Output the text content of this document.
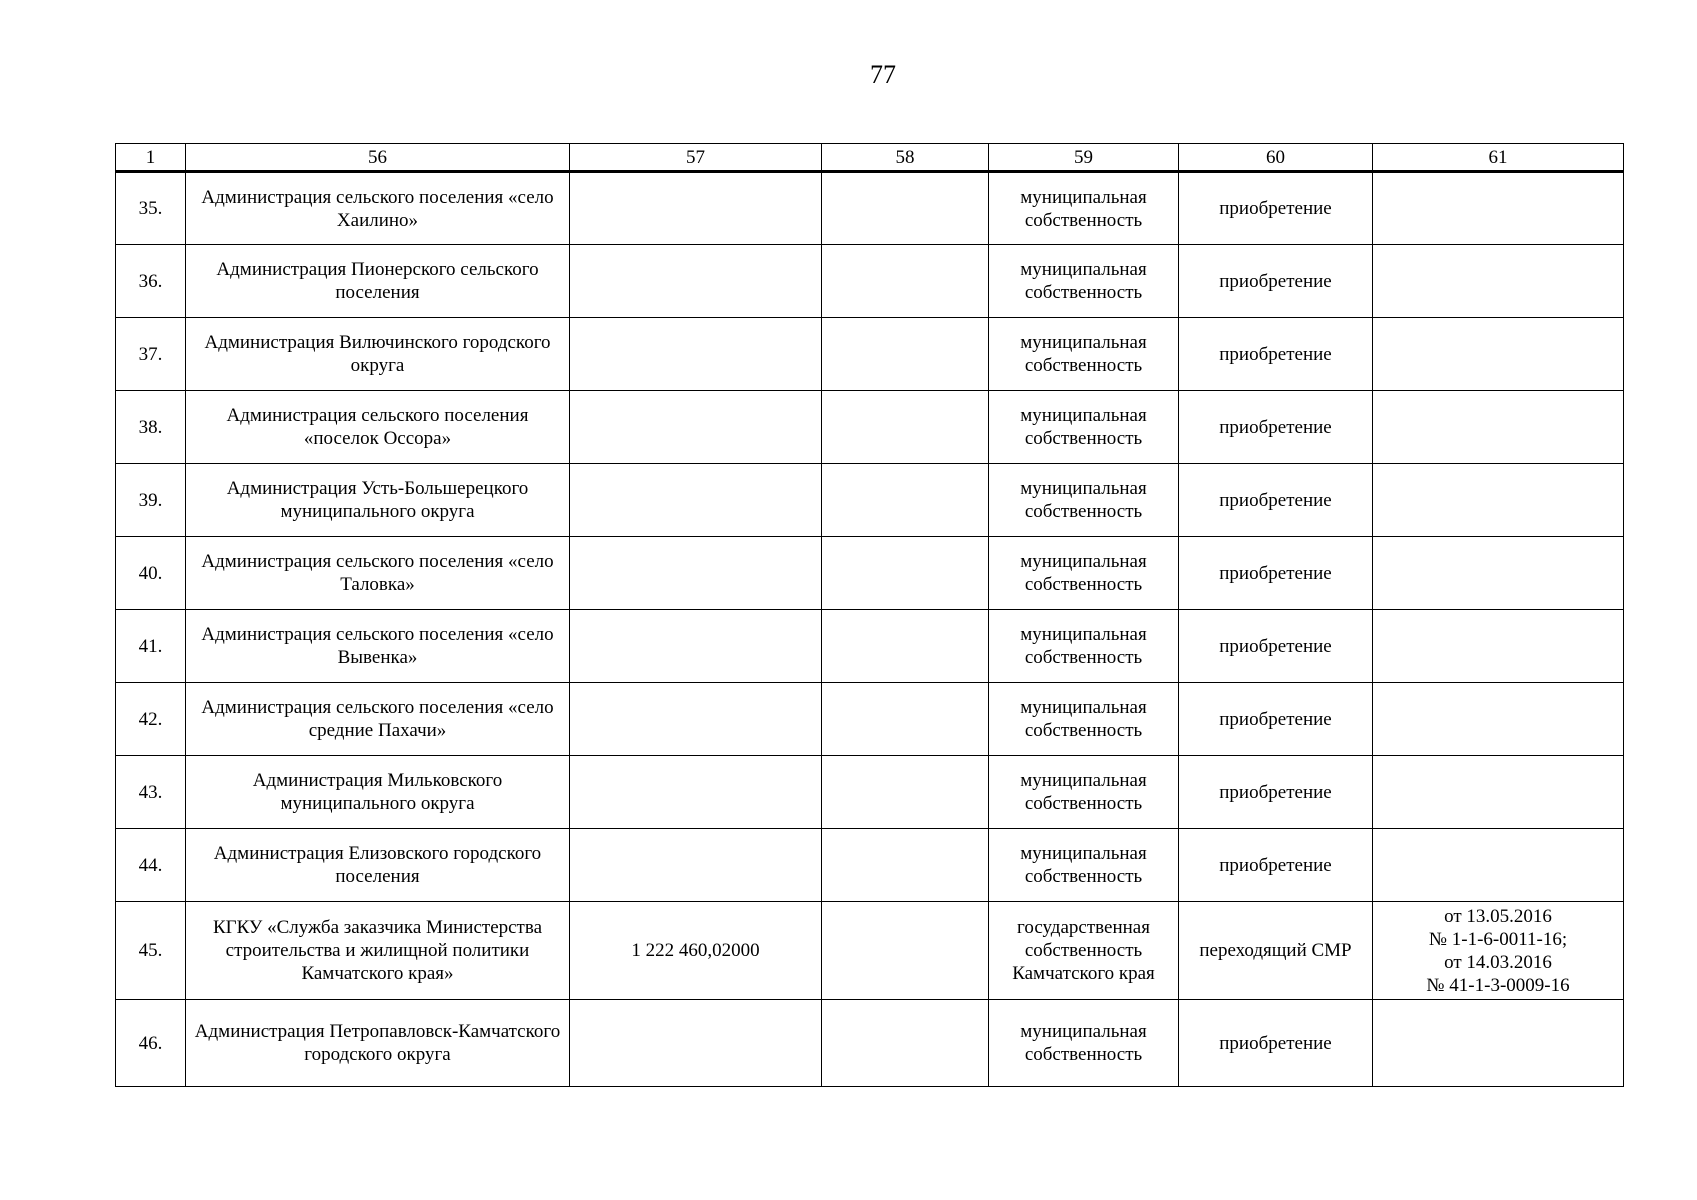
77
1	56	57	58	59	60	61
35.	Администрация сельского поселения «село Хаилино»			муниципальная собственность	приобретение	
36.	Администрация Пионерского сельского поселения			муниципальная собственность	приобретение	
37.	Администрация Вилючинского городского округа			муниципальная собственность	приобретение	
38.	Администрация сельского поселения «поселок Оссора»			муниципальная собственность	приобретение	
39.	Администрация Усть-Большерецкого муниципального округа			муниципальная собственность	приобретение	
40.	Администрация сельского поселения «село Таловка»			муниципальная собственность	приобретение	
41.	Администрация сельского поселения «село Вывенка»			муниципальная собственность	приобретение	
42.	Администрация сельского поселения «село средние Пахачи»			муниципальная собственность	приобретение	
43.	Администрация Мильковского муниципального округа			муниципальная собственность	приобретение	
44.	Администрация Елизовского городского поселения			муниципальная собственность	приобретение	
45.	КГКУ «Служба заказчика Министерства строительства и жилищной политики Камчатского края»	1 222 460,02000		государственная собственность Камчатского края	переходящий СМР	от 13.05.2016
№ 1-1-6-0011-16;
от 14.03.2016
№ 41-1-3-0009-16
46.	Администрация Петропавловск-Камчатского городского округа			муниципальная собственность	приобретение	
